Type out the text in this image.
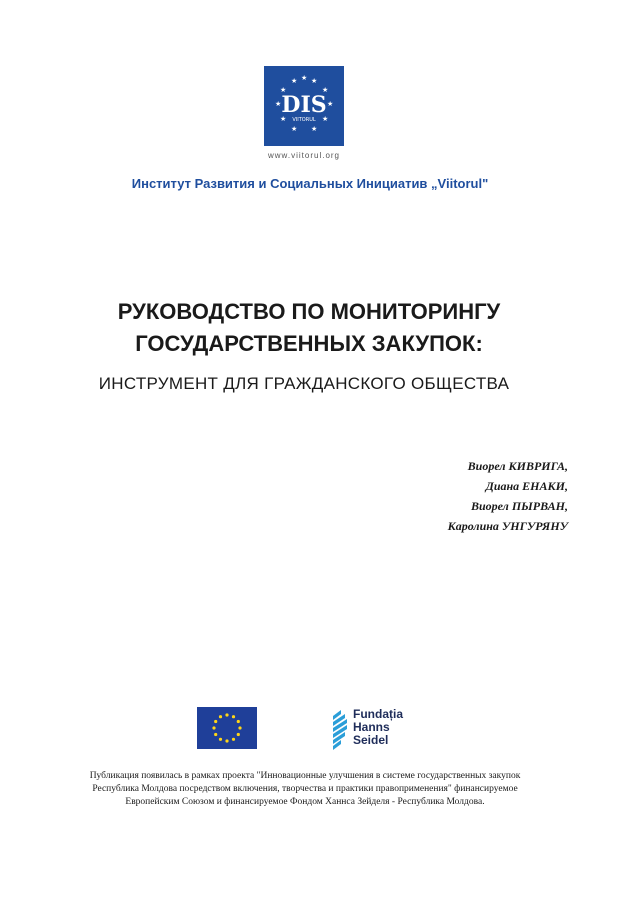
★ ★ ★
★	★
★	★
★	★
★ ★
DIS
VIITORUL
www.viitorul.org
Институт Развития и Социальных Инициатив „Viitorul"
РУКОВОДСТВО ПО МОНИТОРИНГУ
ГОСУДАРСТВЕННЫХ ЗАКУПОК:
ИНСТРУМЕНТ ДЛЯ ГРАЖДАНСКОГО ОБЩЕСТВА
Виорел КИВРИГА,
Диана ЕНАКИ,
Виорел ПЫРВАН,
Каролина УНГУРЯНУ
Fundația
Hanns
Seidel
Публикация появилась в рамках проекта "Инновационные улучшения в системе государственных закупок
Республика Молдова посредством включения, творчества и практики правоприменения" финансируемое
Европейским Союзом и финансируемое Фондом Ханнса Зейделя - Республика Молдова.
